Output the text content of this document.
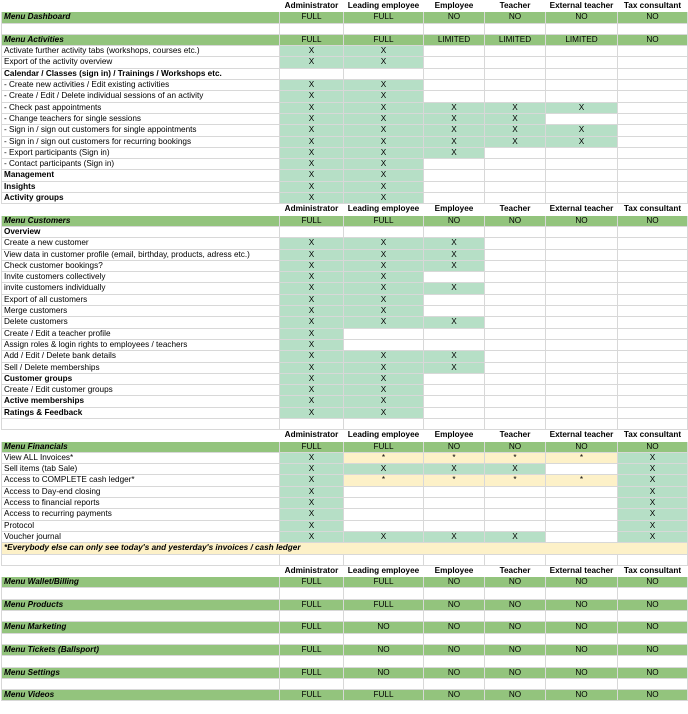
	Administrator	Leading employee	Employee	Teacher	External teacher	Tax consultant
Menu Dashboard	FULL	FULL	NO	NO	NO	NO

Menu Activities	FULL	FULL	LIMITED	LIMITED	LIMITED	NO
Activate further activity tabs (workshops, courses etc.)	X	X				
Export of the activity overview	X	X				
Calendar / Classes (sign in) / Trainings / Workshops etc.						
- Create new activities / Edit existing activities	X	X				
- Create / Edit / Delete individual sessions of an activity	X	X				
- Check past appointments	X	X	X	X	X	
- Change teachers for single sessions	X	X	X	X		
- Sign in / sign out customers for single appointments	X	X	X	X	X	
- Sign in / sign out customers for recurring bookings	X	X	X	X	X	
- Export participants (Sign in)	X	X	X			
- Contact participants (Sign in)	X	X				
Management	X	X				
Insights	X	X				
Activity groups	X	X				
	Administrator	Leading employee	Employee	Teacher	External teacher	Tax consultant
Menu Customers	FULL	FULL	NO	NO	NO	NO
Overview						
Create a new customer	X	X	X			
View data in customer profile (email, birthday, products, adress etc.)	X	X	X			
Check customer bookings?	X	X	X			
Invite customers collectively	X	X				
invite customers individually	X	X	X			
Export of all customers	X	X				
Merge customers	X	X				
Delete customers	X	X	X			
Create / Edit a teacher profile	X					
Assign roles & login rights to employees / teachers	X					
Add / Edit / Delete bank details	X	X	X			
Sell / Delete memberships	X	X	X			
Customer groups	X	X				
Create / Edit customer groups	X	X				
Active memberships	X	X				
Ratings & Feedback	X	X				

	Administrator	Leading employee	Employee	Teacher	External teacher	Tax consultant
Menu Financials	FULL	FULL	NO	NO	NO	NO
View ALL Invoices*	X	*	*	*	*	X
Sell items (tab Sale)	X	X	X	X		X
Access to COMPLETE cash ledger*	X	*	*	*	*	X
Access to Day-end closing	X					X
Access to financial reports	X					X
Access to recurring payments	X					X
Protocol	X					X
Voucher journal	X	X	X	X		X
*Everybody else can only see today's and yesterday's invoices / cash ledger						

	Administrator	Leading employee	Employee	Teacher	External teacher	Tax consultant
Menu Wallet/Billing	FULL	FULL	NO	NO	NO	NO

Menu Products	FULL	FULL	NO	NO	NO	NO

Menu Marketing	FULL	NO	NO	NO	NO	NO

Menu Tickets (Ballsport)	FULL	NO	NO	NO	NO	NO

Menu Settings	FULL	NO	NO	NO	NO	NO

Menu Videos	FULL	FULL	NO	NO	NO	NO
